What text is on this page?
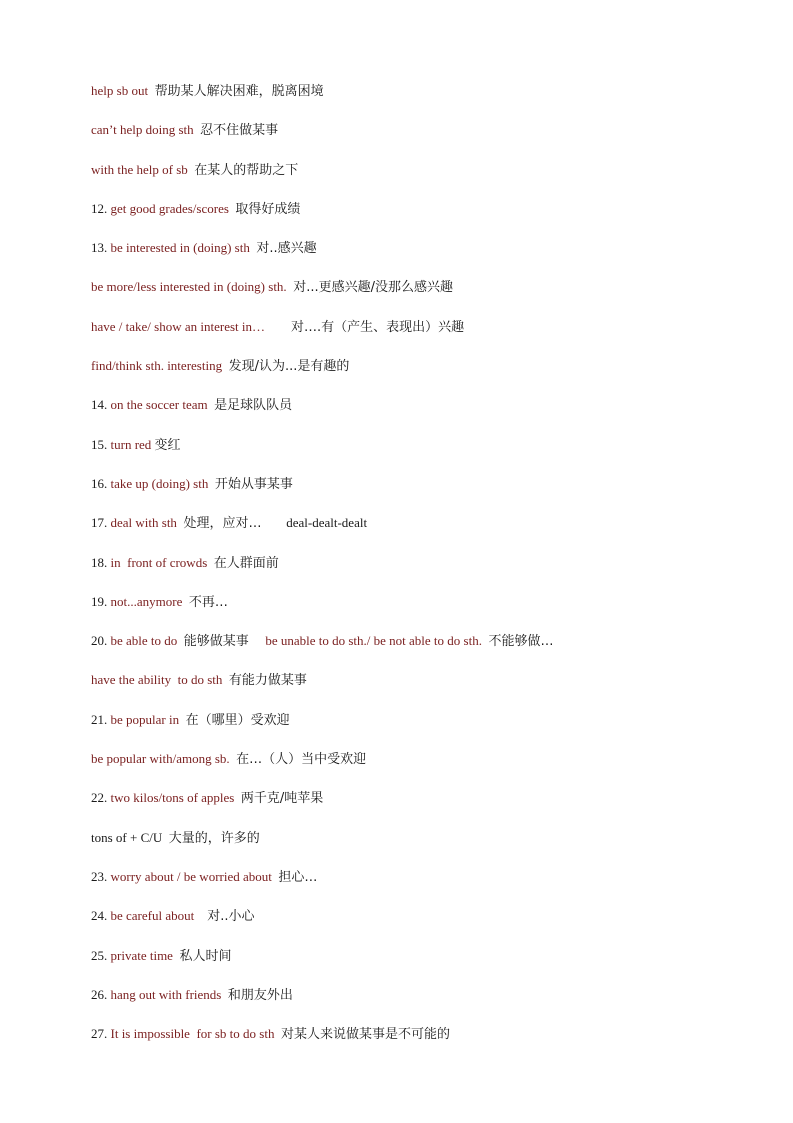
help sb out  帮助某人解决困难，脱离困境
can’t help doing sth  忍不住做某事
with the help of sb  在某人的帮助之下
12. get good grades/scores  取得好成绩
13. be interested in (doing) sth  对..感兴趣
be more/less interested in (doing) sth.  对...更感兴趣/没那么感兴趣
have / take/ show an interest in…        对….有（产生、表现出）兴趣
find/think sth. interesting  发现/认为...是有趣的
14. on the soccer team  是足球队队员
15. turn red 变红
16. take up (doing) sth  开始从事某事
17. deal with sth  处理，应对…      deal-dealt-dealt
18. in  front of crowds  在人群面前
19. not...anymore  不再…
20. be able to do  能够做某事    be unable to do sth./ be not able to do sth.  不能够做…
have the ability  to do sth  有能力做某事
21. be popular in  在（哪里）受欢迎
be popular with/among sb.  在…（人）当中受欢迎
22. two kilos/tons of apples  两千克/吨苹果
tons of + C/U  大量的，许多的
23. worry about / be worried about  担心…
24. be careful about    对..小心
25. private time  私人时间
26. hang out with friends  和朋友外出
27. It is impossible  for sb to do sth  对某人来说做某事是不可能的
